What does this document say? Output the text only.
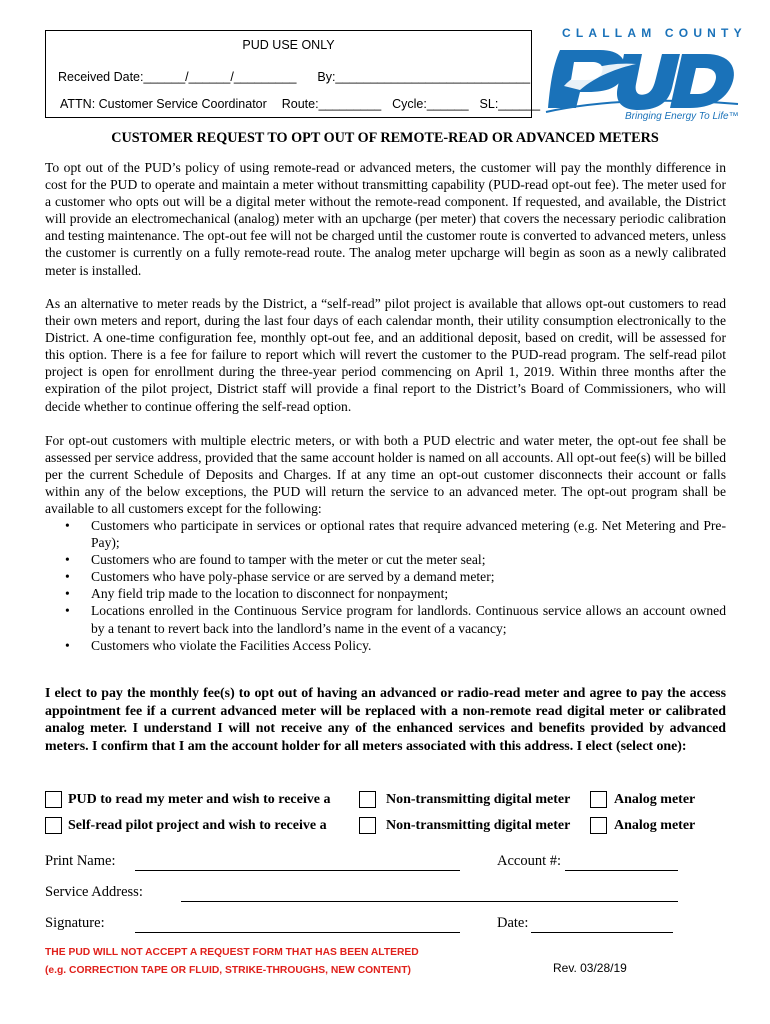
PUD USE ONLY
Received Date:______/______/_________ By:____________________________
ATTN: Customer Service Coordinator Route:_________ Cycle:______ SL:______
CLALLAM COUNTY
Bringing Energy To Life™
CUSTOMER REQUEST TO OPT OUT OF REMOTE-READ OR ADVANCED METERS

To opt out of the PUD’s policy of using remote-read or advanced meters, the customer will pay the monthly difference in cost for the PUD to operate and maintain a meter without transmitting capability (PUD-read opt-out fee). The meter used for a customer who opts out will be a digital meter without the remote-read component. If requested, and available, the District will provide an electromechanical (analog) meter with an upcharge (per meter) that covers the necessary periodic calibration and testing maintenance. The opt-out fee will not be charged until the customer route is converted to advanced meters, unless the customer is currently on a fully remote-read route. The analog meter upcharge will begin as soon as a newly calibrated meter is installed.

As an alternative to meter reads by the District, a “self-read” pilot project is available that allows opt-out customers to read their own meters and report, during the last four days of each calendar month, their utility consumption electronically to the District. A one-time configuration fee, monthly opt-out fee, and an additional deposit, based on credit, will be assessed for this option. There is a fee for failure to report which will revert the customer to the PUD-read program. The self-read pilot project is open for enrollment during the three-year period commencing on April 1, 2019. Within three months after the expiration of the pilot project, District staff will provide a final report to the District’s Board of Commissioners, who will decide whether to continue offering the self-read option.

For opt-out customers with multiple electric meters, or with both a PUD electric and water meter, the opt-out fee shall be assessed per service address, provided that the same account holder is named on all accounts. All opt-out fee(s) will be billed per the current Schedule of Deposits and Charges. If at any time an opt-out customer disconnects their account or falls within any of the below exceptions, the PUD will return the service to an advanced meter. The opt-out program shall be available to all customers except for the following:

• Customers who participate in services or optional rates that require advanced metering (e.g. Net Metering and Pre-Pay);
• Customers who are found to tamper with the meter or cut the meter seal;
• Customers who have poly-phase service or are served by a demand meter;
• Any field trip made to the location to disconnect for nonpayment;
• Locations enrolled in the Continuous Service program for landlords. Continuous service allows an account owned by a tenant to revert back into the landlord’s name in the event of a vacancy;
• Customers who violate the Facilities Access Policy.

I elect to pay the monthly fee(s) to opt out of having an advanced or radio-read meter and agree to pay the access appointment fee if a current advanced meter will be replaced with a non-remote read digital meter or calibrated analog meter. I understand I will not receive any of the enhanced services and benefits provided by advanced meters. I confirm that I am the account holder for all meters associated with this address. I elect (select one):

PUD to read my meter and wish to receive a	Non-transmitting digital meter	Analog meter
Self-read pilot project and wish to receive a	Non-transmitting digital meter	Analog meter
Print Name:	Account #:
Service Address:
Signature:	Date:
THE PUD WILL NOT ACCEPT A REQUEST FORM THAT HAS BEEN ALTERED
(e.g. CORRECTION TAPE OR FLUID, STRIKE-THROUGHS, NEW CONTENT)	Rev. 03/28/19
